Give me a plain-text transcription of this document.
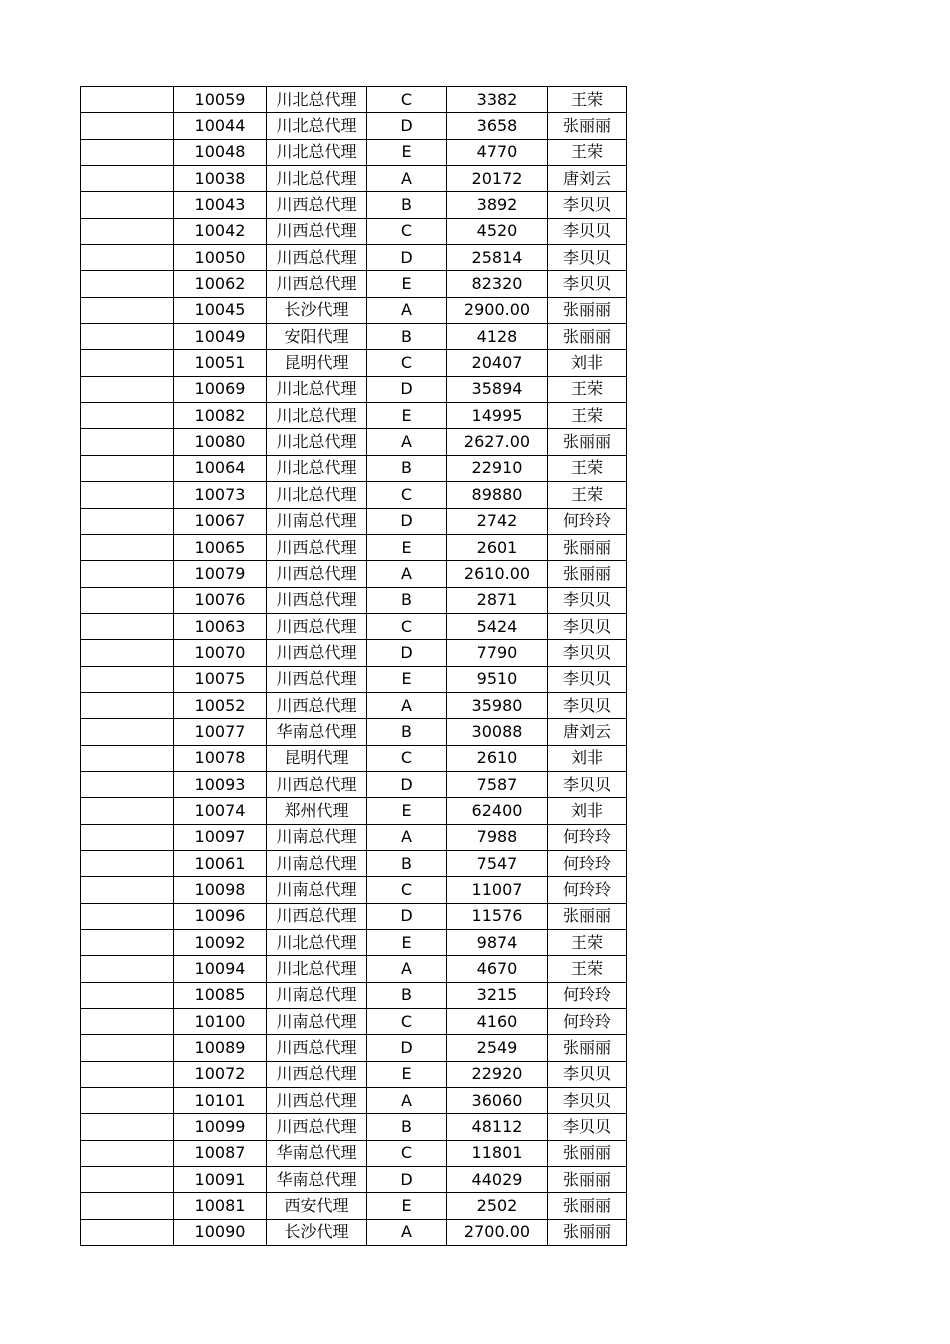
	10059	川北总代理	C	3382	王荣
	10044	川北总代理	D	3658	张丽丽
	10048	川北总代理	E	4770	王荣
	10038	川北总代理	A	20172	唐刘云
	10043	川西总代理	B	3892	李贝贝
	10042	川西总代理	C	4520	李贝贝
	10050	川西总代理	D	25814	李贝贝
	10062	川西总代理	E	82320	李贝贝
	10045	长沙代理	A	2900.00	张丽丽
	10049	安阳代理	B	4128	张丽丽
	10051	昆明代理	C	20407	刘非
	10069	川北总代理	D	35894	王荣
	10082	川北总代理	E	14995	王荣
	10080	川北总代理	A	2627.00	张丽丽
	10064	川北总代理	B	22910	王荣
	10073	川北总代理	C	89880	王荣
	10067	川南总代理	D	2742	何玲玲
	10065	川西总代理	E	2601	张丽丽
	10079	川西总代理	A	2610.00	张丽丽
	10076	川西总代理	B	2871	李贝贝
	10063	川西总代理	C	5424	李贝贝
	10070	川西总代理	D	7790	李贝贝
	10075	川西总代理	E	9510	李贝贝
	10052	川西总代理	A	35980	李贝贝
	10077	华南总代理	B	30088	唐刘云
	10078	昆明代理	C	2610	刘非
	10093	川西总代理	D	7587	李贝贝
	10074	郑州代理	E	62400	刘非
	10097	川南总代理	A	7988	何玲玲
	10061	川南总代理	B	7547	何玲玲
	10098	川南总代理	C	11007	何玲玲
	10096	川西总代理	D	11576	张丽丽
	10092	川北总代理	E	9874	王荣
	10094	川北总代理	A	4670	王荣
	10085	川南总代理	B	3215	何玲玲
	10100	川南总代理	C	4160	何玲玲
	10089	川西总代理	D	2549	张丽丽
	10072	川西总代理	E	22920	李贝贝
	10101	川西总代理	A	36060	李贝贝
	10099	川西总代理	B	48112	李贝贝
	10087	华南总代理	C	11801	张丽丽
	10091	华南总代理	D	44029	张丽丽
	10081	西安代理	E	2502	张丽丽
	10090	长沙代理	A	2700.00	张丽丽
